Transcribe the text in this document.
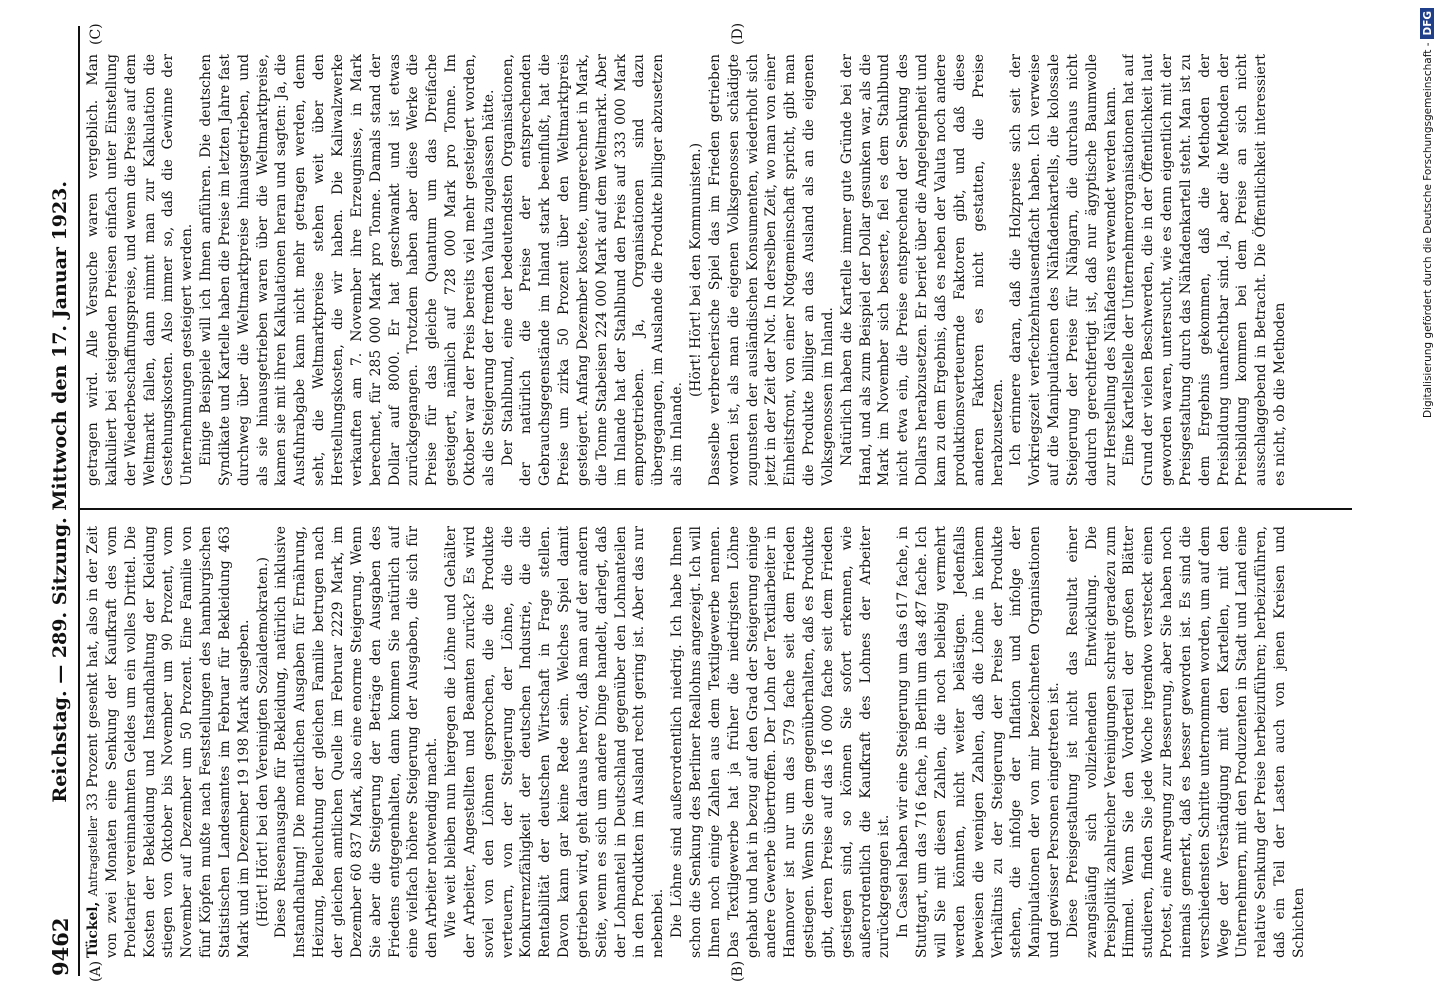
9462
Reichstag. — 289. Sitzung. Mittwoch den 17. Januar 1923.
(A)	(B)
(C)	(D)

Tückel, Antragsteller 33 Prozent gesenkt hat, also in der Zeit von zwei Monaten eine Senkung der Kaufkraft des vom Proletarier vereinnahmten Geldes um ein volles Drittel. Die Kosten der Bekleidung und Instandhaltung der Kleidung stiegen von Oktober bis November um 90 Prozent, vom November auf Dezember um 50 Prozent. Eine Familie von fünf Köpfen mußte nach Feststellungen des hamburgischen Statistischen Landesamtes im Februar für Bekleidung 463 Mark und im Dezember 19 198 Mark ausgeben. (Hört! Hört! bei den Vereinigten Sozialdemokraten.) Diese Riesenausgabe für Bekleidung, natürlich inklusive Instandhaltung! Die monatlichen Ausgaben für Ernährung, Heizung, Beleuchtung der gleichen Familie betrugen nach der gleichen amtlichen Quelle im Februar 2229 Mark, im Dezember 60 837 Mark, also eine enorme Steigerung. Wenn Sie aber die Steigerung der Beträge den Ausgaben des Friedens entgegenhalten, dann kommen Sie natürlich auf eine vielfach höhere Steigerung der Ausgaben, die sich für den Arbeiter notwendig macht. Wie weit bleiben nun hiergegen die Löhne und Gehälter der Arbeiter, Angestellten und Beamten zurück? Es wird soviel von den Löhnen gesprochen, die die Produkte verteuern, von der Steigerung der Löhne, die die Konkurrenzfähigkeit der deutschen Industrie, die die Rentabilität der deutschen Wirtschaft in Frage stellen. Davon kann gar keine Rede sein. Welches Spiel damit getrieben wird, geht daraus hervor, daß man auf der andern Seite, wenn es sich um andere Dinge handelt, darlegt, daß der Lohnanteil in Deutschland gegenüber den Lohnanteilen in den Produkten im Ausland recht gering ist. Aber das nur nebenbei. Die Löhne sind außerordentlich niedrig. Ich habe Ihnen schon die Senkung des Berliner Reallohns angezeigt. Ich will Ihnen noch einige Zahlen aus dem Textilgewerbe nennen. Das Textilgewerbe hat ja früher die niedrigsten Löhne gehabt und hat in bezug auf den Grad der Steigerung einige andere Gewerbe übertroffen. Der Lohn der Textilarbeiter in Hannover ist nur um das 579 fache seit dem Frieden gestiegen. Wenn Sie dem gegenüberhalten, daß es Produkte gibt, deren Preise auf das 16 000 fache seit dem Frieden gestiegen sind, so können Sie sofort erkennen, wie außerordentlich die Kaufkraft des Lohnes der Arbeiter zurückgegangen ist. In Cassel haben wir eine Steigerung um das 617 fache, in Stuttgart, um das 716 fache, in Berlin um das 487 fache. Ich will Sie mit diesen Zahlen, die noch beliebig vermehrt werden könnten, nicht weiter belästigen. Jedenfalls beweisen die wenigen Zahlen, daß die Löhne in keinem Verhältnis zu der Steigerung der Preise der Produkte stehen, die infolge der Inflation und infolge der Manipulationen der von mir bezeichneten Organisationen und gewisser Personen eingetreten ist. Diese Preisgestaltung ist nicht das Resultat einer zwangsläufig sich vollziehenden Entwicklung. Die Preispolitik zahlreicher Vereinigungen schreit geradezu zum Himmel. Wenn Sie den Vorderteil der großen Blätter studieren, finden Sie jede Woche irgendwo versteckt einen Protest, eine Anregung zur Besserung, aber Sie haben noch niemals gemerkt, daß es besser geworden ist. Es sind die verschiedensten Schritte unternommen worden, um auf dem Wege der Verständigung mit den Kartellen, mit den Unternehmern, mit den Produzenten in Stadt und Land eine relative Senkung der Preise herbeizuführen; herbeizuführen, daß ein Teil der Lasten auch von jenen Kreisen und Schichten

getragen wird. Alle Versuche waren vergeblich. Man kalkuliert bei steigenden Preisen einfach unter Einstellung der Wiederbeschaffungspreise, und wenn die Preise auf dem Weltmarkt fallen, dann nimmt man zur Kalkulation die Gestehungskosten. Also immer so, daß die Gewinne der Unternehmungen gesteigert werden. Einige Beispiele will ich Ihnen anführen. Die deutschen Syndikate und Kartelle haben die Preise im letzten Jahre fast durchweg über die Weltmarktpreise hinausgetrieben, und als sie hinausgetrieben waren über die Weltmarktpreise, kamen sie mit ihren Kalkulationen heran und sagten: Ja, die Ausfuhrabgabe kann nicht mehr getragen werden, denn seht, die Weltmarktpreise stehen weit über den Herstellungskosten, die wir haben. Die Kaliwalzwerke verkauften am 7. November ihre Erzeugnisse, in Mark berechnet, für 285 000 Mark pro Tonne. Damals stand der Dollar auf 8000. Er hat geschwankt und ist etwas zurückgegangen. Trotzdem haben aber diese Werke die Preise für das gleiche Quantum um das Dreifache gesteigert, nämlich auf 728 000 Mark pro Tonne. Im Oktober war der Preis bereits viel mehr gesteigert worden, als die Steigerung der fremden Valuta zugelassen hätte. Der Stahlbund, eine der bedeutendsten Organisationen, der natürlich die Preise der entsprechenden Gebrauchsgegenstände im Inland stark beeinflußt, hat die Preise um zirka 50 Prozent über den Weltmarktpreis gesteigert. Anfang Dezember kostete, umgerechnet in Mark, die Tonne Stabeisen 224 000 Mark auf dem Weltmarkt. Aber im Inlande hat der Stahlbund den Preis auf 333 000 Mark emporgetrieben. Ja, Organisationen sind dazu übergegangen, im Auslande die Produkte billiger abzusetzen als im Inlande.

(Hört! Hört! bei den Kommunisten.) Dasselbe verbrecherische Spiel das im Frieden getrieben worden ist, als man die eigenen Volksgenossen schädigte zugunsten der ausländischen Konsumenten, wiederholt sich jetzt in der Zeit der Not. In derselben Zeit, wo man von einer Einheitsfront, von einer Notgemeinschaft spricht, gibt man die Produkte billiger an das Ausland als an die eigenen Volksgenossen im Inland. Natürlich haben die Kartelle immer gute Gründe bei der Hand, und als zum Beispiel der Dollar gesunken war, als die Mark im November sich besserte, fiel es dem Stahlbund nicht etwa ein, die Preise entsprechend der Senkung des Dollars herabzusetzen. Er beriet über die Angelegenheit und kam zu dem Ergebnis, daß es neben der Valuta noch andere produktionsverteuernde Faktoren gibt, und daß diese anderen Faktoren es nicht gestatten, die Preise herabzusetzen. Ich erinnere daran, daß die Holzpreise sich seit der Vorkriegszeit verfechzehntausendfacht haben. Ich verweise auf die Manipulationen des Nähfadenkartells, die kolossale Steigerung der Preise für Nähgarn, die durchaus nicht dadurch gerechtfertigt ist, daß nur ägyptische Baumwolle zur Herstellung des Nähfadens verwendet werden kann. Eine Kartellstelle der Unternehmerorganisationen hat auf Grund der vielen Beschwerden, die in der Öffentlichkeit laut geworden waren, untersucht, wie es denn eigentlich mit der Preisgestaltung durch das Nähfadenkartell steht. Man ist zu dem Ergebnis gekommen, daß die Methoden der Preisbildung unanfechtbar sind. Ja, aber die Methoden der Preisbildung kommen bei dem Preise an sich nicht ausschlaggebend in Betracht. Die Öffentlichkeit interessiert es nicht, ob die Methoden	Digitalisierung gefördert durch die Deutsche Forschungsgemeinschaft -DFG
